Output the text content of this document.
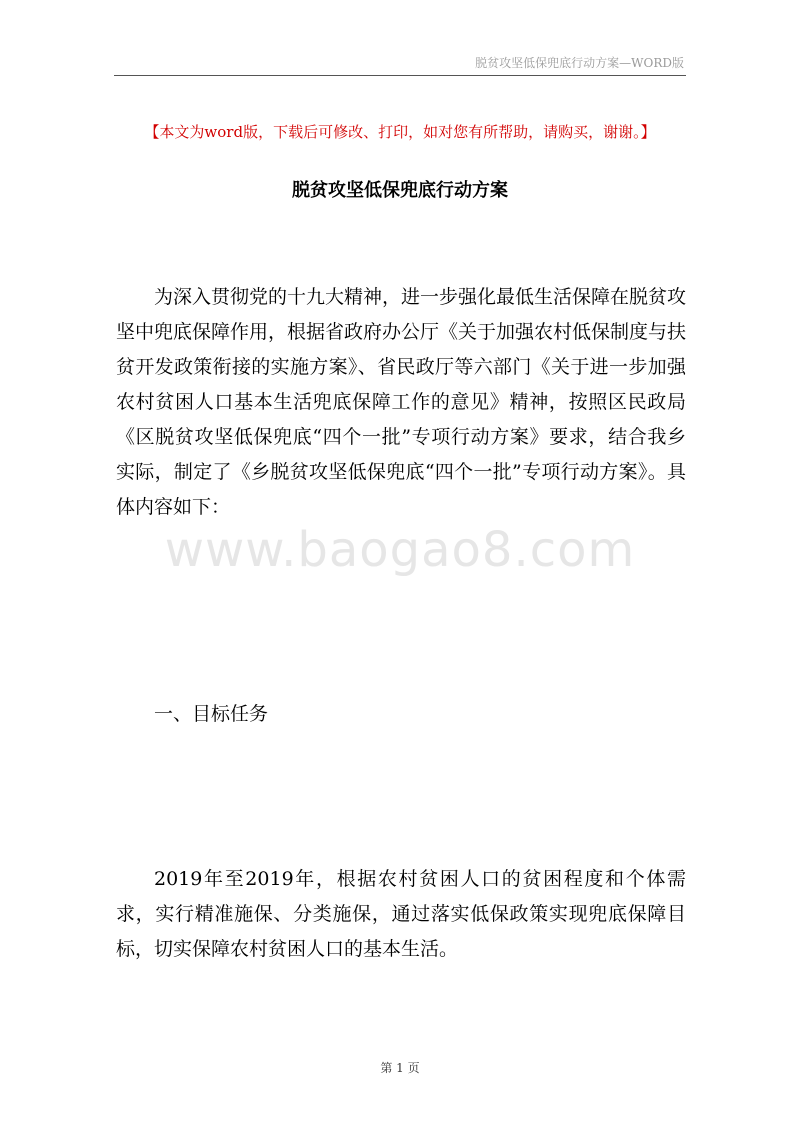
脱贫攻坚低保兜底行动方案—WORD版
【本文为word版，下载后可修改、打印，如对您有所帮助，请购买，谢谢。】
脱贫攻坚低保兜底行动方案

为深入贯彻党的十九大精神，进一步强化最低生活保障在脱贫攻坚中兜底保障作用，根据省政府办公厅《关于加强农村低保制度与扶贫开发政策衔接的实施方案》、省民政厅等六部门《关于进一步加强农村贫困人口基本生活兜底保障工作的意见》精神，按照区民政局《区脱贫攻坚低保兜底“四个一批”专项行动方案》要求，结合我乡实际，制定了《乡脱贫攻坚低保兜底“四个一批”专项行动方案》。具体内容如下：

www.baogao8.com

一、目标任务

2019年至2019年，根据农村贫困人口的贫困程度和个体需求，实行精准施保、分类施保，通过落实低保政策实现兜底保障目标，切实保障农村贫困人口的基本生活。

第 1 页
